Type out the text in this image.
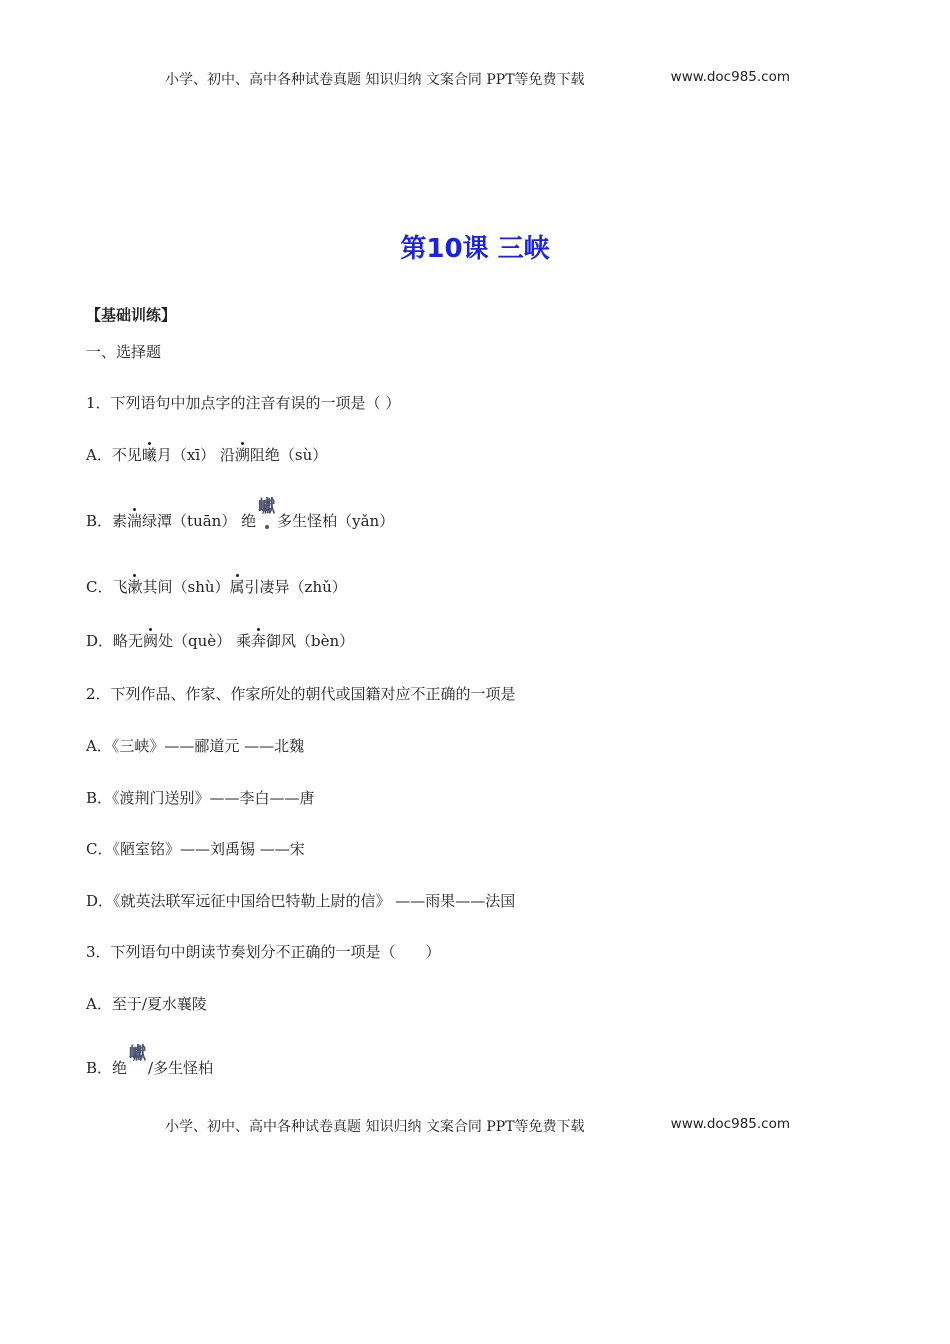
小学、初中、高中各种试卷真题 知识归纳 文案合同 PPT等免费下载	www.doc985.com
第10课 三峡
【基础训练】
一、选择题
1．下列语句中加点字的注音有误的一项是（ ）
A．不见曦月（xī） 沿溯阻绝（sù）
B．素湍绿潭（tuān） 绝巘多生怪柏（yǎn）
C．飞漱其间（shù）属引凄异（zhǔ）
D．略无阙处（què） 乘奔御风（bèn）
2．下列作品、作家、作家所处的朝代或国籍对应不正确的一项是
A．《三峡》——郦道元 ——北魏
B．《渡荆门送别》——李白——唐
C．《陋室铭》——刘禹锡 ——宋
D．《就英法联军远征中国给巴特勒上尉的信》 ——雨果——法国
3．下列语句中朗读节奏划分不正确的一项是（　　）
A．至于/夏水襄陵
B．绝巘/多生怪柏
小学、初中、高中各种试卷真题 知识归纳 文案合同 PPT等免费下载	www.doc985.com
